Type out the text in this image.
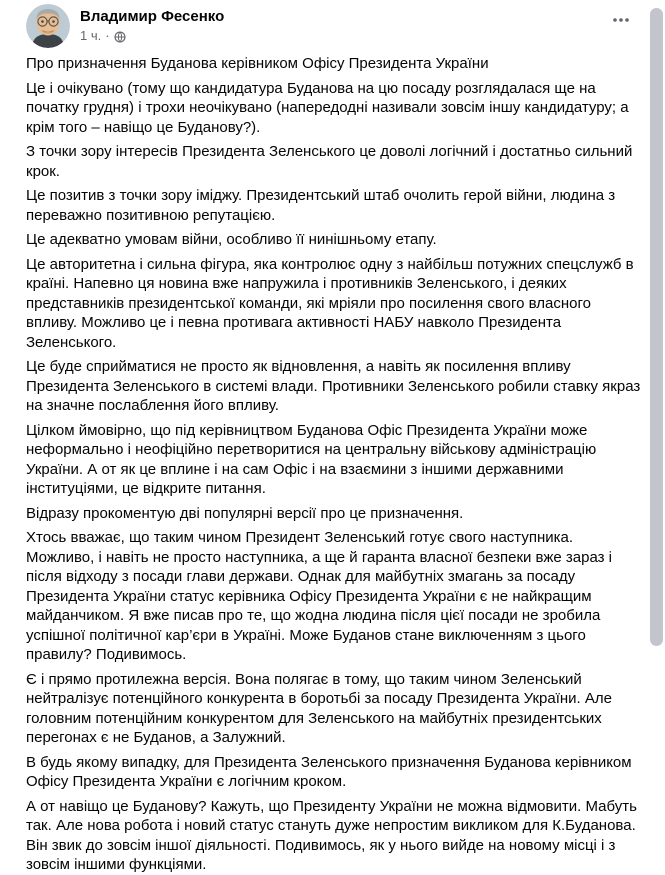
Владимир Фесенко
1 ч. ·

Про призначення Буданова керівником Офісу Президента України

Це і очікувано (тому що кандидатура Буданова на цю посаду розглядалася ще на початку грудня) і трохи неочікувано (напередодні називали зовсім іншу кандидатуру; а крім того – навіщо це Буданову?).

З точки зору інтересів Президента Зеленського це доволі логічний і достатньо сильний крок.

Це позитив з точки зору іміджу. Президентський штаб очолить герой війни, людина з переважно позитивною репутацією.

Це адекватно умовам війни, особливо її нинішньому етапу.

Це авторитетна і сильна фігура, яка контролює одну з найбільш потужних спецслужб в країні. Напевно ця новина вже напружила і противників Зеленського, і деяких представників президентської команди, які мріяли про посилення свого власного впливу. Можливо це і певна противага активності НАБУ навколо Президента Зеленського.

Це буде сприйматися не просто як відновлення, а навіть як посилення впливу Президента Зеленського в системі влади. Противники Зеленського робили ставку якраз на значне послаблення його впливу.

Цілком ймовірно, що під керівництвом Буданова Офіс Президента України може неформально і неофіційно перетворитися на центральну військову адміністрацію України. А от як це вплине і на сам Офіс і на взаємини з іншими державними інституціями, це відкрите питання.

Відразу прокоментую дві популярні версії про це призначення.

Хтось вважає, що таким чином Президент Зеленський готує свого наступника. Можливо, і навіть не просто наступника, а ще й гаранта власної безпеки вже зараз і після відходу з посади глави держави. Однак для майбутніх змагань за посаду Президента України статус керівника Офісу Президента України є не найкращим майданчиком. Я вже писав про те, що жодна людина після цієї посади не зробила успішної політичної кар’єри в Україні. Може Буданов стане виключенням з цього правилу? Подивимось.

Є і прямо протилежна версія. Вона полягає в тому, що таким чином Зеленський нейтралізує потенційного конкурента в боротьбі за посаду Президента України. Але головним потенційним конкурентом для Зеленського на майбутніх президентських перегонах є не Буданов, а Залужний.

В будь якому випадку, для Президента Зеленського призначення Буданова керівником Офісу Президента України є логічним кроком.

А от навіщо це Буданову? Кажуть, що Президенту України не можна відмовити. Мабуть так. Але нова робота і новий статус стануть дуже непростим викликом для К.Буданова. Він звик до зовсім іншої діяльності. Подивимось, як у нього вийде на новому місці і з зовсім іншими функціями.
